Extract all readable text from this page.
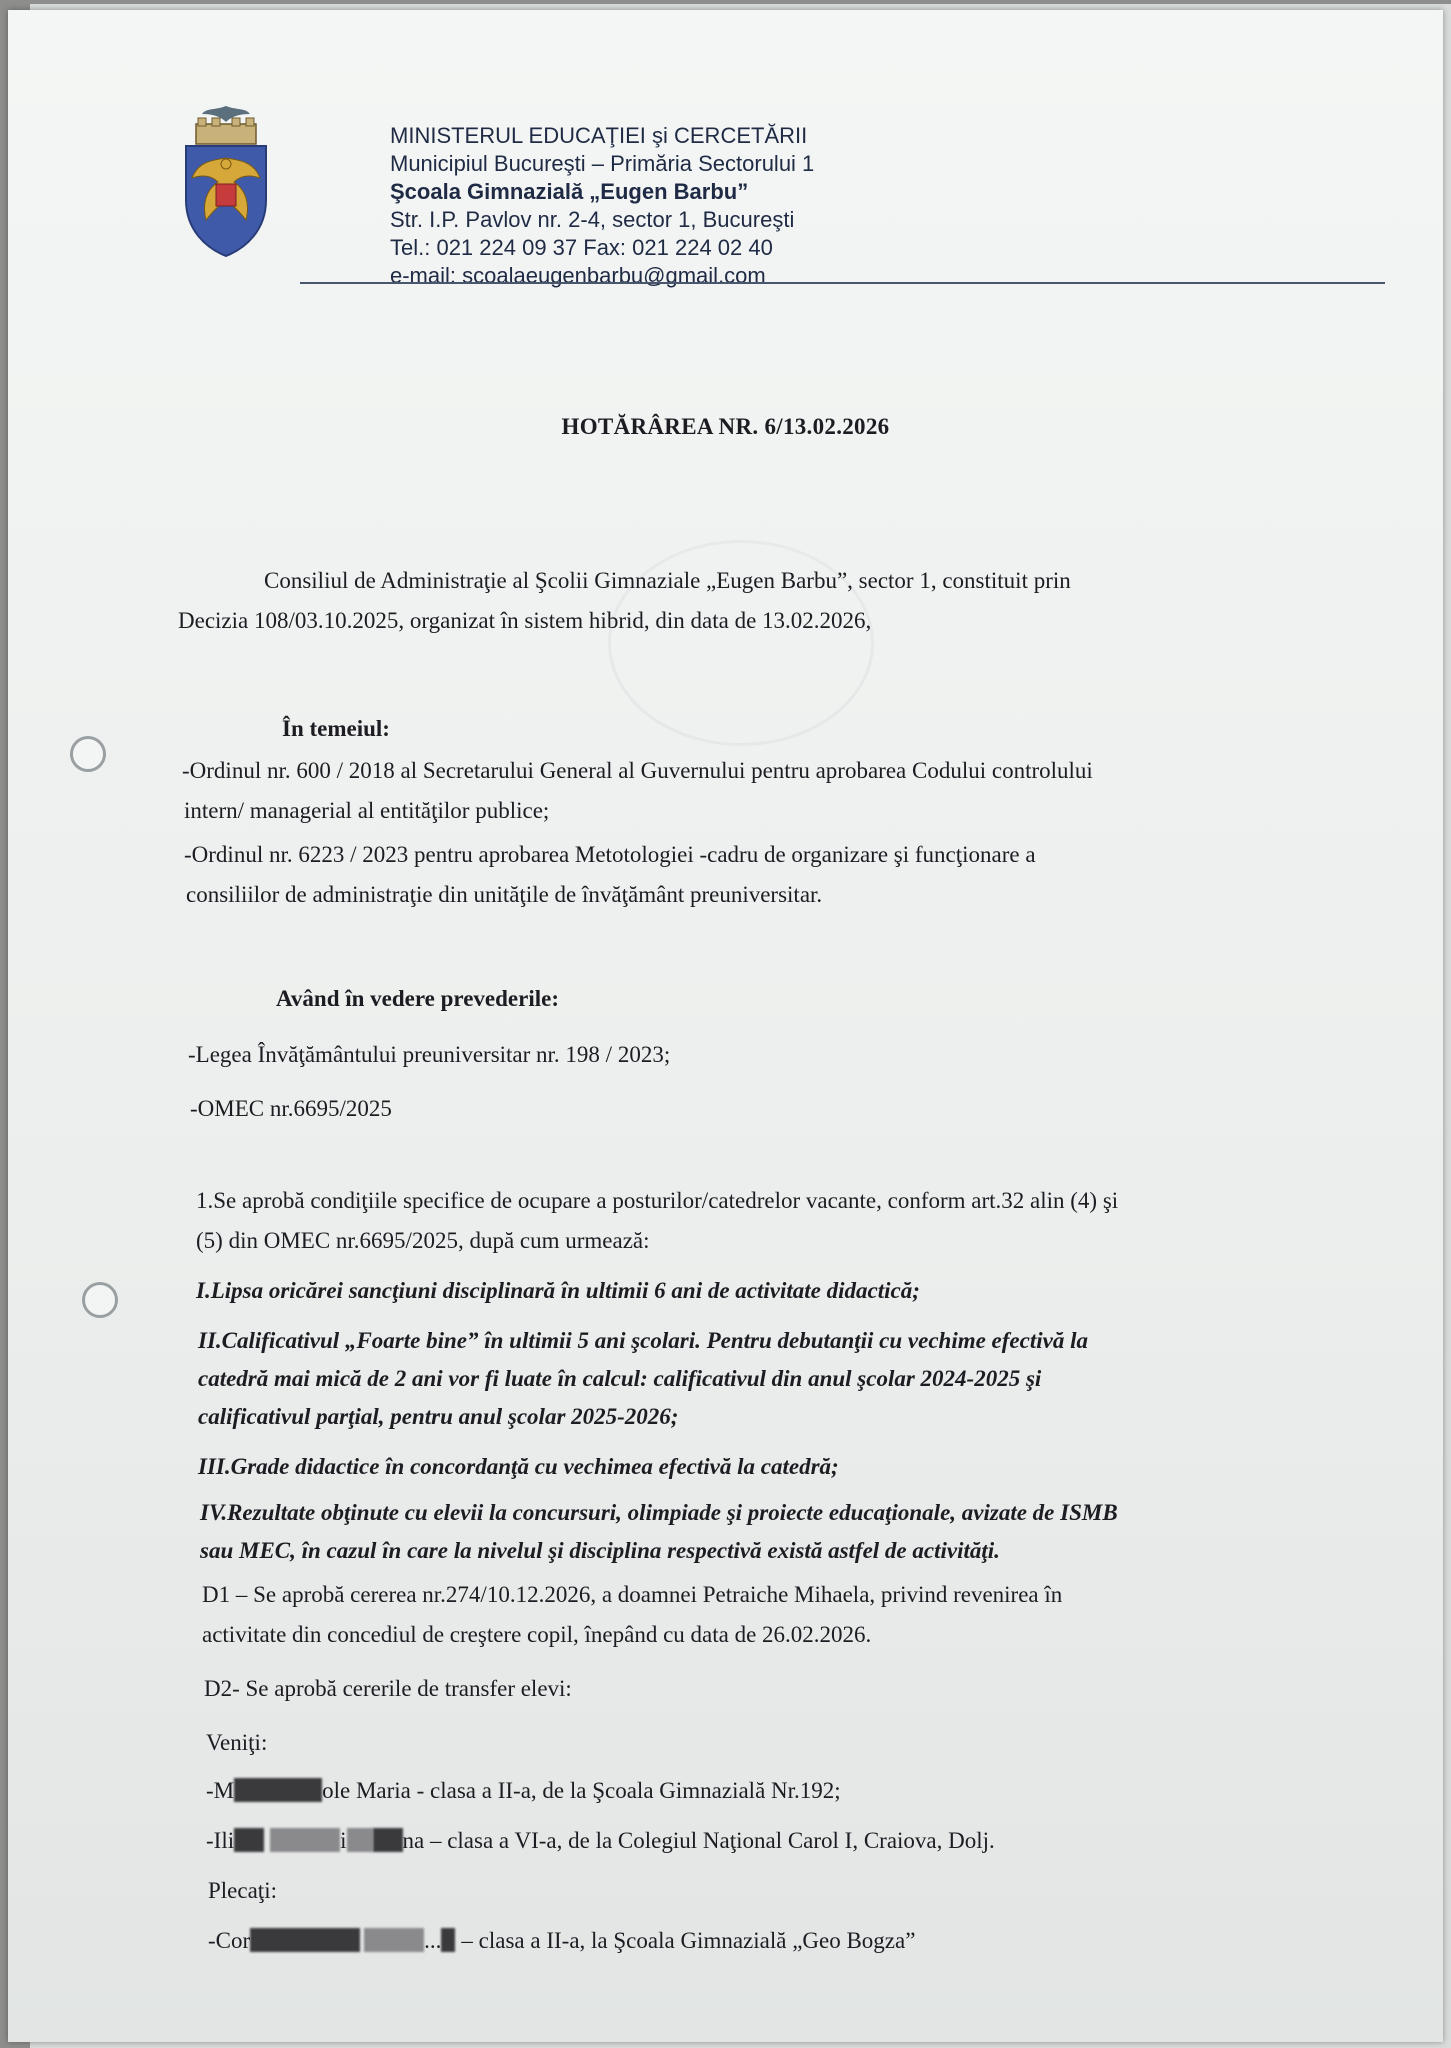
MINISTERUL EDUCAŢIEI şi CERCETĂRII
Municipiul Bucureşti – Primăria Sectorului 1
Şcoala Gimnazială „Eugen Barbu”
Str. I.P. Pavlov nr. 2-4, sector 1, Bucureşti
Tel.: 021 224 09 37 Fax: 021 224 02 40
e-mail: scoalaeugenbarbu@gmail.com
HOTĂRÂREA NR. 6/13.02.2026
Consiliul de Administraţie al Şcolii Gimnaziale „Eugen Barbu”, sector 1, constituit prin
Decizia 108/03.10.2025, organizat în sistem hibrid, din data de 13.02.2026,
În temeiul:
-Ordinul nr. 600 / 2018 al Secretarului General al Guvernului pentru aprobarea Codului controlului
intern/ managerial al entităţilor publice;
-Ordinul nr. 6223 / 2023 pentru aprobarea Metotologiei -cadru de organizare şi funcţionare a
consiliilor de administraţie din unităţile de învăţământ preuniversitar.
Având în vedere prevederile:
-Legea Învăţământului preuniversitar nr. 198 / 2023;
-OMEC nr.6695/2025
1.Se aprobă condiţiile specifice de ocupare a posturilor/catedrelor vacante, conform art.32 alin (4) şi
(5) din OMEC nr.6695/2025, după cum urmează:
I.Lipsa oricărei sancţiuni disciplinară în ultimii 6 ani de activitate didactică;
II.Calificativul „Foarte bine” în ultimii 5 ani şcolari. Pentru debutanţii cu vechime efectivă la
catedră mai mică de 2 ani vor fi luate în calcul: calificativul din anul şcolar 2024-2025 şi
calificativul parţial, pentru anul şcolar 2025-2026;
III.Grade didactice în concordanţă cu vechimea efectivă la catedră;
IV.Rezultate obţinute cu elevii la concursuri, olimpiade şi proiecte educaţionale, avizate de ISMB
sau MEC, în cazul în care la nivelul şi disciplina respectivă există astfel de activităţi.
D1 – Se aprobă cererea nr.274/10.12.2026, a doamnei Petraiche Mihaela, privind revenirea în
activitate din concediul de creştere copil, înepând cu data de 26.02.2026.
D2- Se aprobă cererile de transfer elevi:
Veniţi:
-M	ole Maria - clasa a II-a, de la Şcoala Gimnazială Nr.192;
-Ili	i na – clasa a VI-a, de la Colegiul Naţional Carol I, Craiova, Dolj.
Plecaţi:
-Cor	... – clasa a II-a, la Şcoala Gimnazială „Geo Bogza”
